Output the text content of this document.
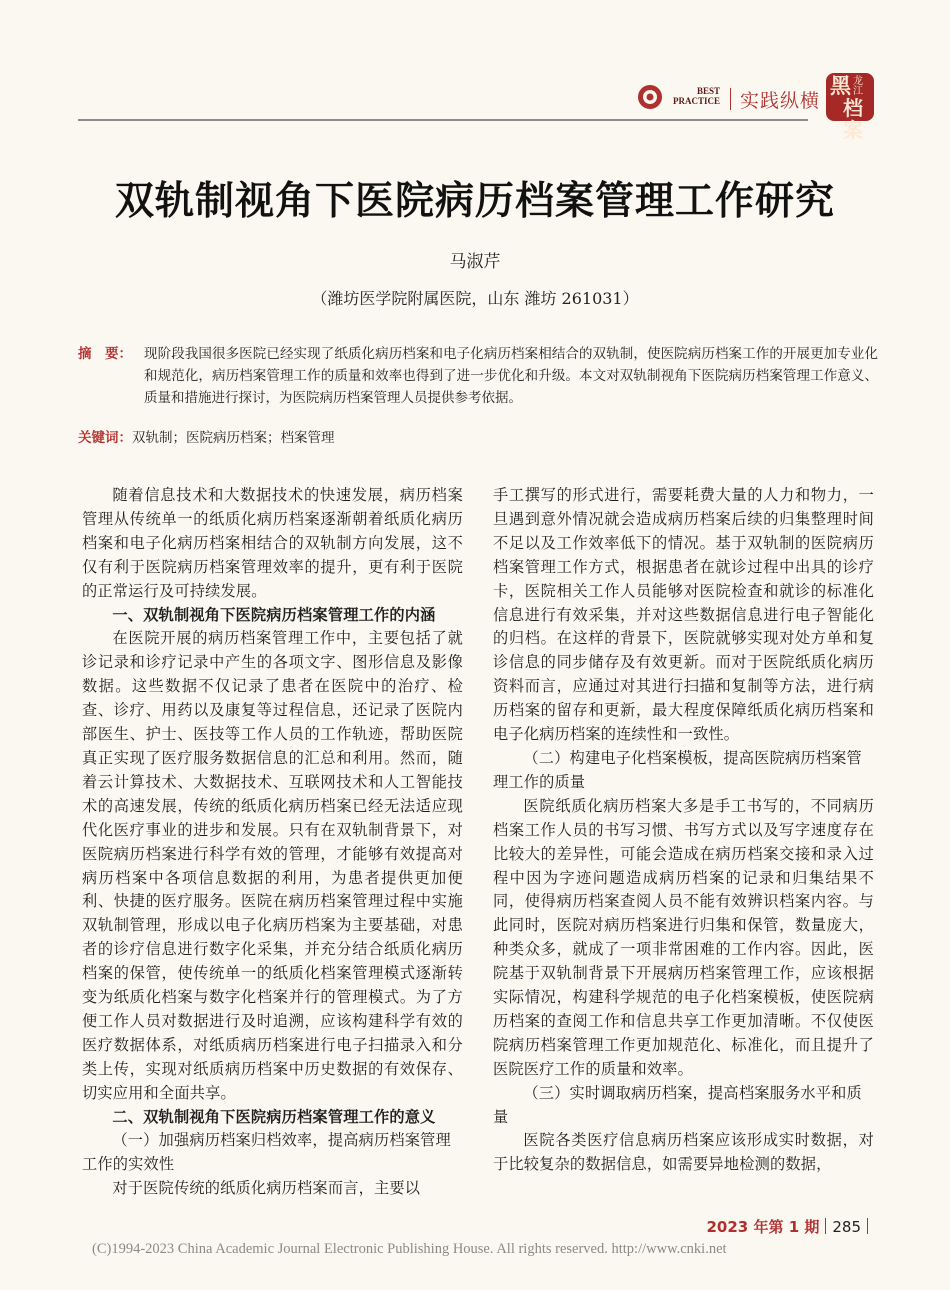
BEST
PRACTICE 实践纵横
黑 龙江
档案
双轨制视角下医院病历档案管理工作研究
马淑芹
（潍坊医学院附属医院，山东 潍坊 261031）
摘　要： 现阶段我国很多医院已经实现了纸质化病历档案和电子化病历档案相结合的双轨制，使医院病历档案工作的开展更加专业化和规范化，病历档案管理工作的质量和效率也得到了进一步优化和升级。本文对双轨制视角下医院病历档案管理工作意义、质量和措施进行探讨，为医院病历档案管理人员提供参考依据。
关键词：双轨制；医院病历档案；档案管理

随着信息技术和大数据技术的快速发展，病历档案管理从传统单一的纸质化病历档案逐渐朝着纸质化病历档案和电子化病历档案相结合的双轨制方向发展，这不仅有利于医院病历档案管理效率的提升，更有利于医院的正常运行及可持续发展。

一、双轨制视角下医院病历档案管理工作的内涵

在医院开展的病历档案管理工作中，主要包括了就诊记录和诊疗记录中产生的各项文字、图形信息及影像数据。这些数据不仅记录了患者在医院中的治疗、检查、诊疗、用药以及康复等过程信息，还记录了医院内部医生、护士、医技等工作人员的工作轨迹，帮助医院真正实现了医疗服务数据信息的汇总和利用。然而，随着云计算技术、大数据技术、互联网技术和人工智能技术的高速发展，传统的纸质化病历档案已经无法适应现代化医疗事业的进步和发展。只有在双轨制背景下，对医院病历档案进行科学有效的管理，才能够有效提高对病历档案中各项信息数据的利用，为患者提供更加便利、快捷的医疗服务。医院在病历档案管理过程中实施双轨制管理，形成以电子化病历档案为主要基础，对患者的诊疗信息进行数字化采集，并充分结合纸质化病历档案的保管，使传统单一的纸质化档案管理模式逐渐转变为纸质化档案与数字化档案并行的管理模式。为了方便工作人员对数据进行及时追溯，应该构建科学有效的医疗数据体系，对纸质病历档案进行电子扫描录入和分类上传，实现对纸质病历档案中历史数据的有效保存、切实应用和全面共享。

二、双轨制视角下医院病历档案管理工作的意义
（一）加强病历档案归档效率，提高病历档案管理工作的实效性

对于医院传统的纸质化病历档案而言，主要以

手工撰写的形式进行，需要耗费大量的人力和物力，一旦遇到意外情况就会造成病历档案后续的归集整理时间不足以及工作效率低下的情况。基于双轨制的医院病历档案管理工作方式，根据患者在就诊过程中出具的诊疗卡，医院相关工作人员能够对医院检查和就诊的标准化信息进行有效采集，并对这些数据信息进行电子智能化的归档。在这样的背景下，医院就够实现对处方单和复诊信息的同步储存及有效更新。而对于医院纸质化病历资料而言，应通过对其进行扫描和复制等方法，进行病历档案的留存和更新，最大程度保障纸质化病历档案和电子化病历档案的连续性和一致性。

（二）构建电子化档案模板，提高医院病历档案管理工作的质量

医院纸质化病历档案大多是手工书写的，不同病历档案工作人员的书写习惯、书写方式以及写字速度存在比较大的差异性，可能会造成在病历档案交接和录入过程中因为字迹问题造成病历档案的记录和归集结果不同，使得病历档案查阅人员不能有效辨识档案内容。与此同时，医院对病历档案进行归集和保管，数量庞大，种类众多，就成了一项非常困难的工作内容。因此，医院基于双轨制背景下开展病历档案管理工作，应该根据实际情况，构建科学规范的电子化档案模板，使医院病历档案的查阅工作和信息共享工作更加清晰。不仅使医院病历档案管理工作更加规范化、标准化，而且提升了医院医疗工作的质量和效率。

（三）实时调取病历档案，提高档案服务水平和质量

医院各类医疗信息病历档案应该形成实时数据，对于比较复杂的数据信息，如需要异地检测的数据，

2023 年第 1 期 285
(C)1994-2023 China Academic Journal Electronic Publishing House. All rights reserved. http://www.cnki.net
